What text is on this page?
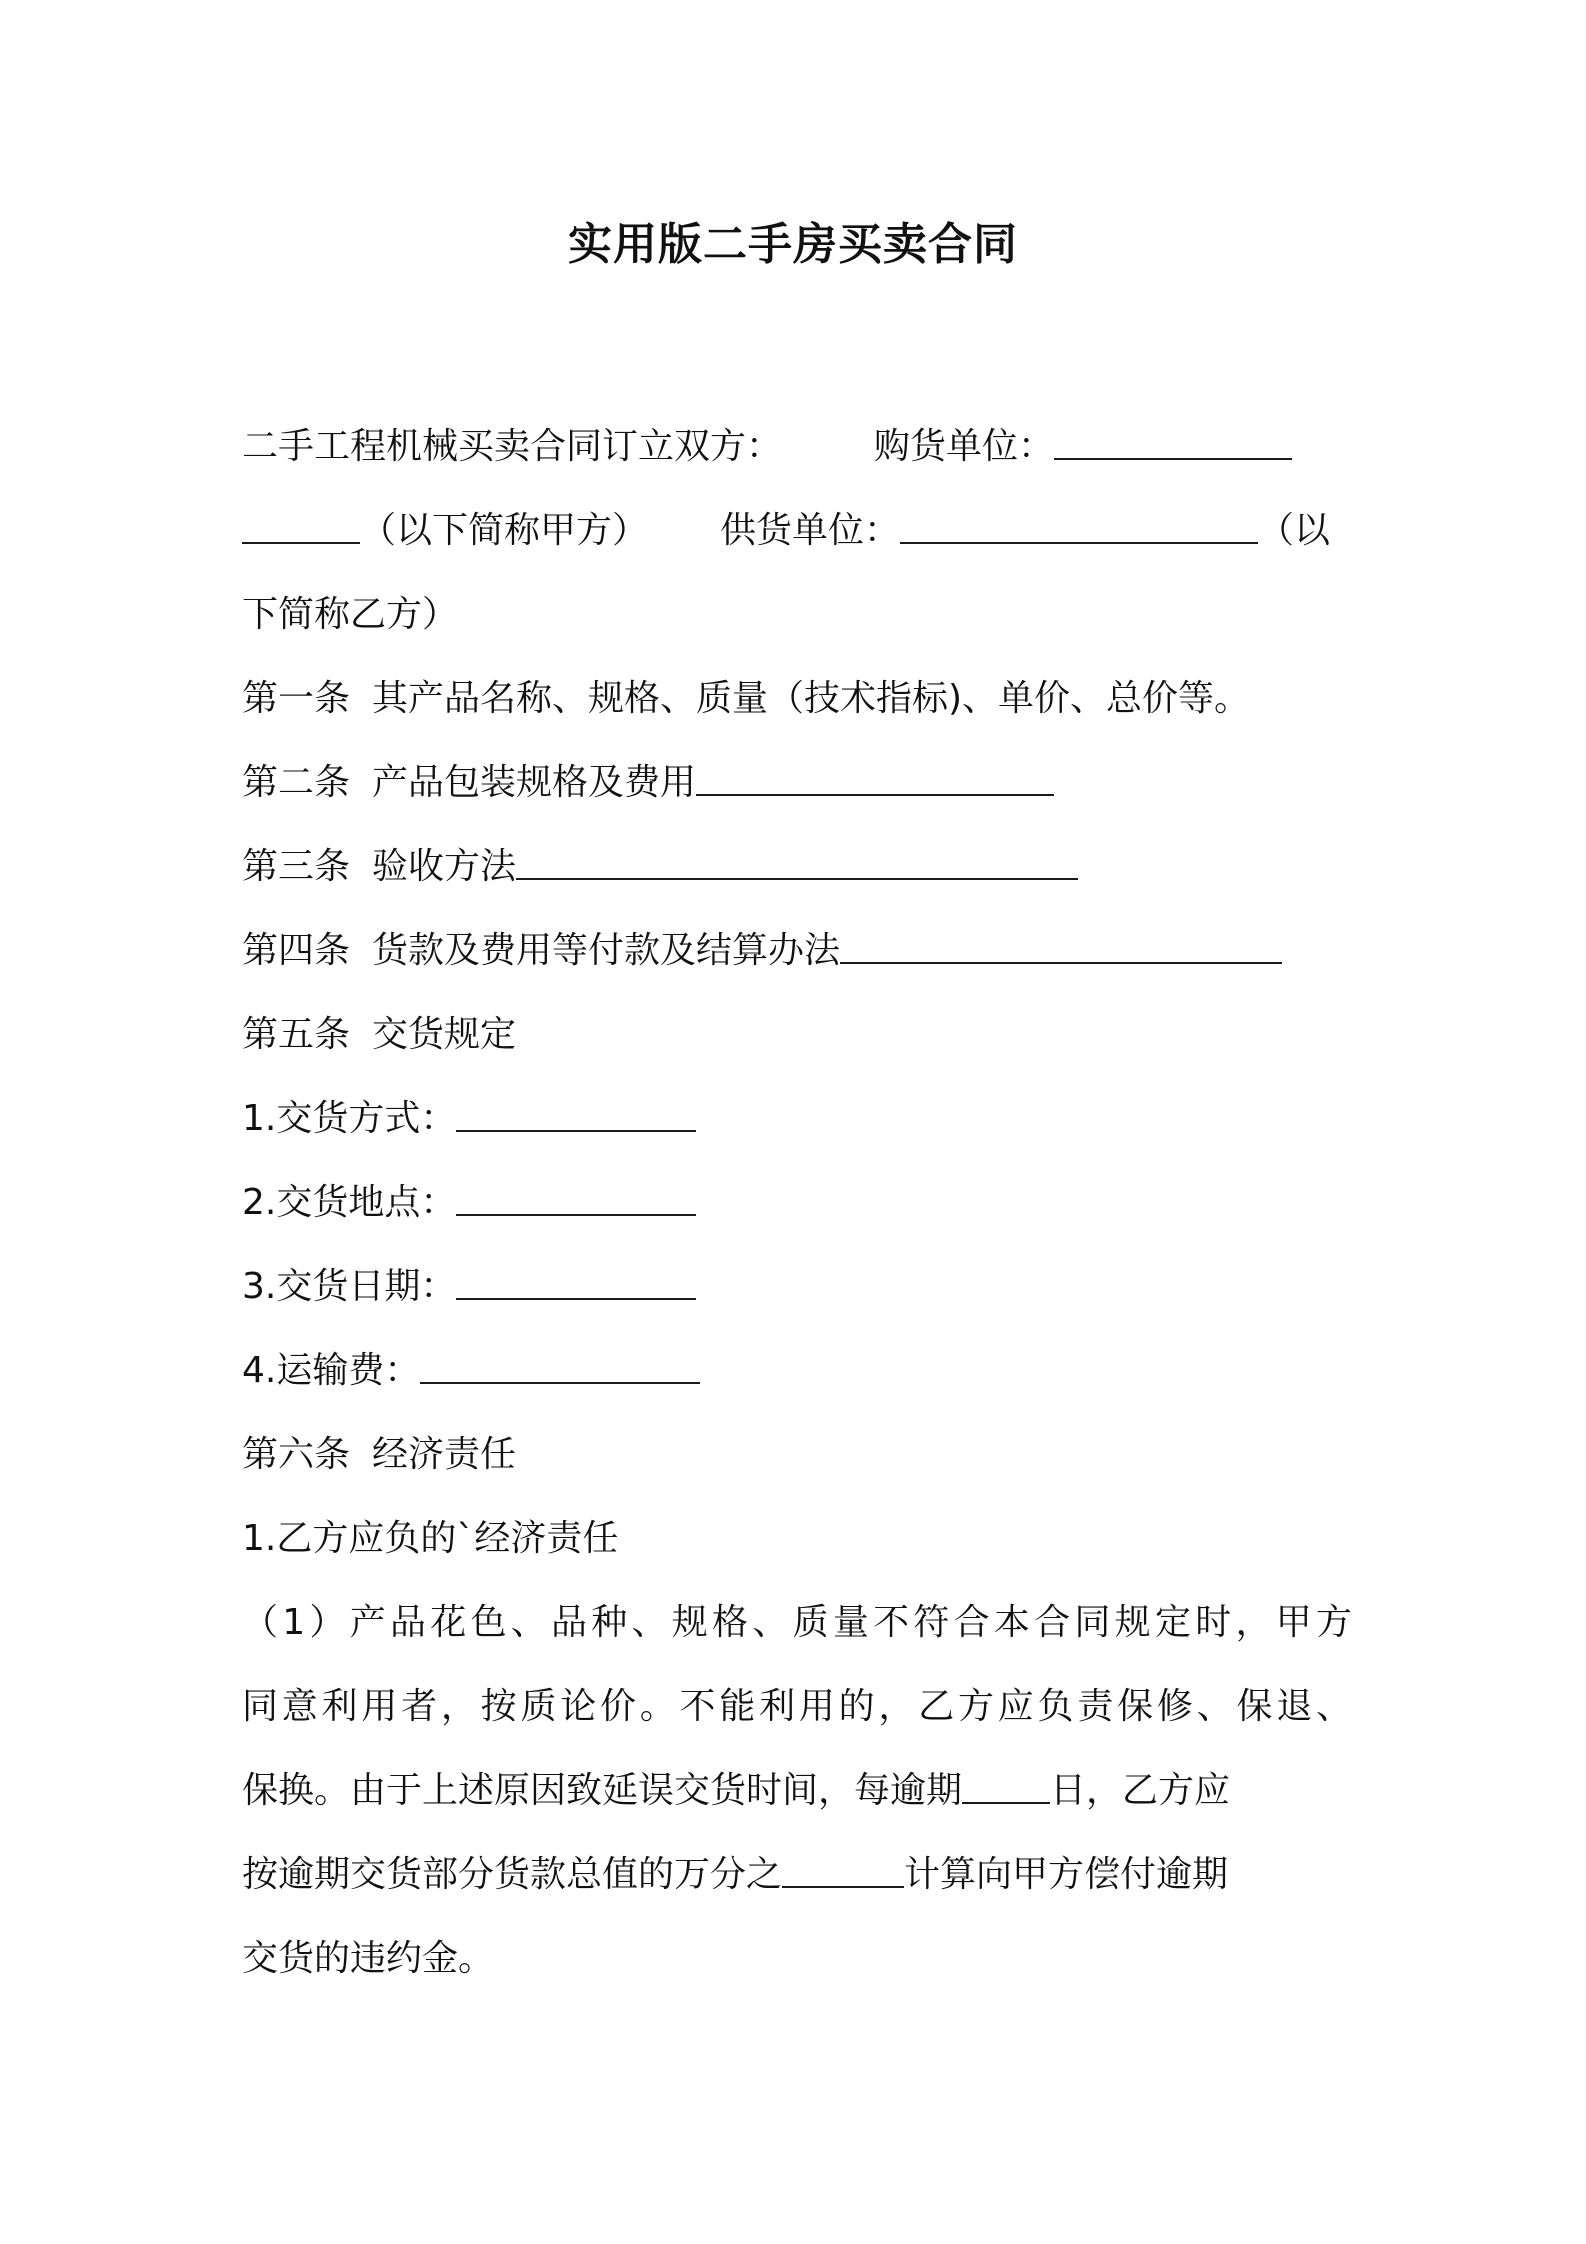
实用版二手房买卖合同
二手工程机械买卖合同订立双方：	购货单位：
（以下简称甲方） 供货单位：	（以
下简称乙方）
第一条 其产品名称、规格、质量（技术指标)、单价、总价等。
第二条 产品包装规格及费用
第三条 验收方法
第四条 货款及费用等付款及结算办法
第五条 交货规定
1.交货方式：
2.交货地点：
3.交货日期：
4.运输费：
第六条 经济责任
1.乙方应负的`经济责任
（1）产品花色、品种、规格、质量不符合本合同规定时，甲方
同意利用者，按质论价。不能利用的，乙方应负责保修、保退、
保换。由于上述原因致延误交货时间，每逾期 日，乙方应
按逾期交货部分货款总值的万分之	计算向甲方偿付逾期
交货的违约金。
